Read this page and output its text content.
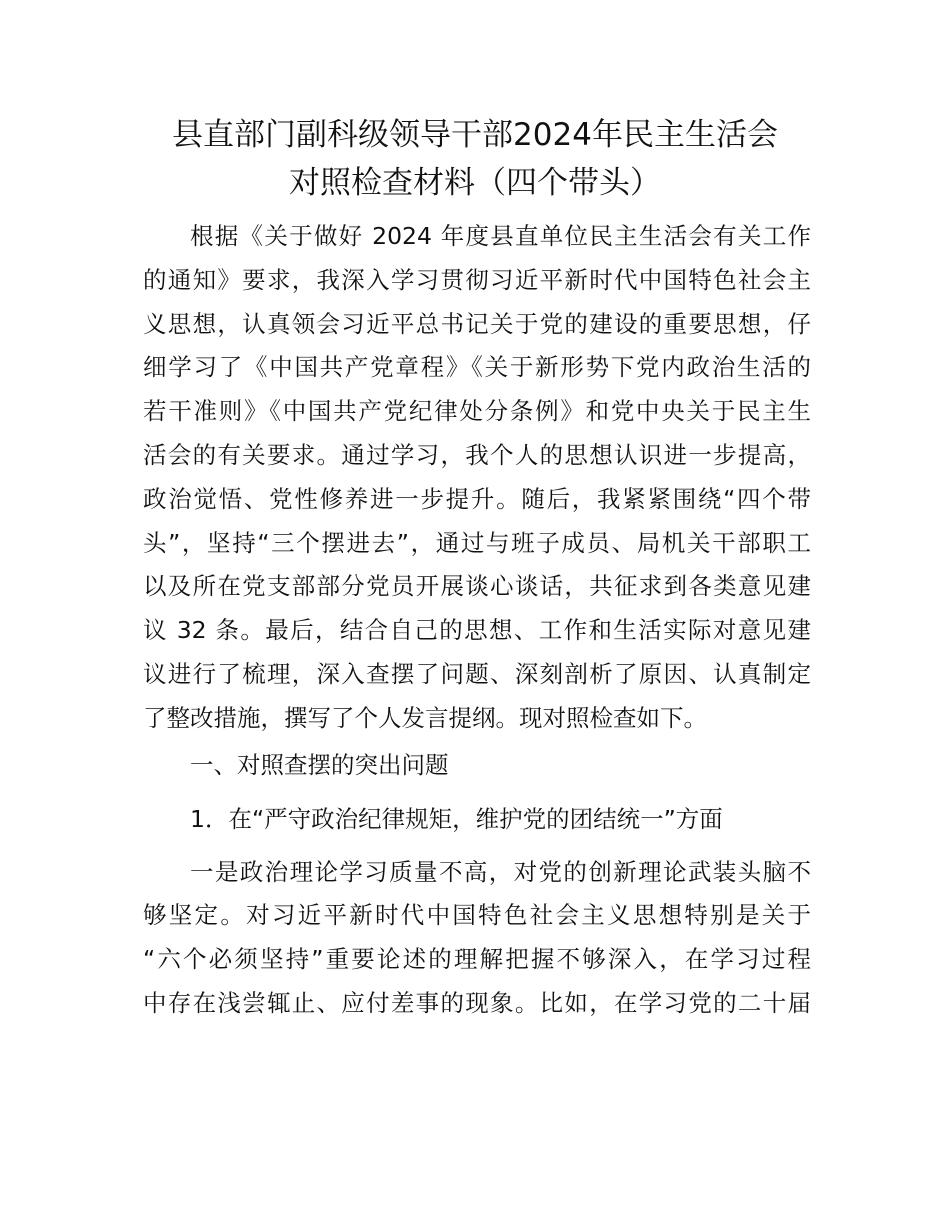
县直部门副科级领导干部2024年民主生活会
对照检查材料（四个带头）
根据《关于做好 2024 年度县直单位民主生活会有关工作
的通知》要求，我深入学习贯彻习近平新时代中国特色社会主
义思想，认真领会习近平总书记关于党的建设的重要思想，仔
细学习了《中国共产党章程》《关于新形势下党内政治生活的
若干准则》《中国共产党纪律处分条例》和党中央关于民主生
活会的有关要求。通过学习，我个人的思想认识进一步提高，
政治觉悟、党性修养进一步提升。随后，我紧紧围绕“四个带
头”，坚持“三个摆进去”，通过与班子成员、局机关干部职工
以及所在党支部部分党员开展谈心谈话，共征求到各类意见建
议 32 条。最后，结合自己的思想、工作和生活实际对意见建
议进行了梳理，深入查摆了问题、深刻剖析了原因、认真制定
了整改措施，撰写了个人发言提纲。现对照检查如下。
一、对照查摆的突出问题
1．在“严守政治纪律规矩，维护党的团结统一”方面
一是政治理论学习质量不高，对党的创新理论武装头脑不
够坚定。对习近平新时代中国特色社会主义思想特别是关于
“六个必须坚持”重要论述的理解把握不够深入，在学习过程
中存在浅尝辄止、应付差事的现象。比如，在学习党的二十届
